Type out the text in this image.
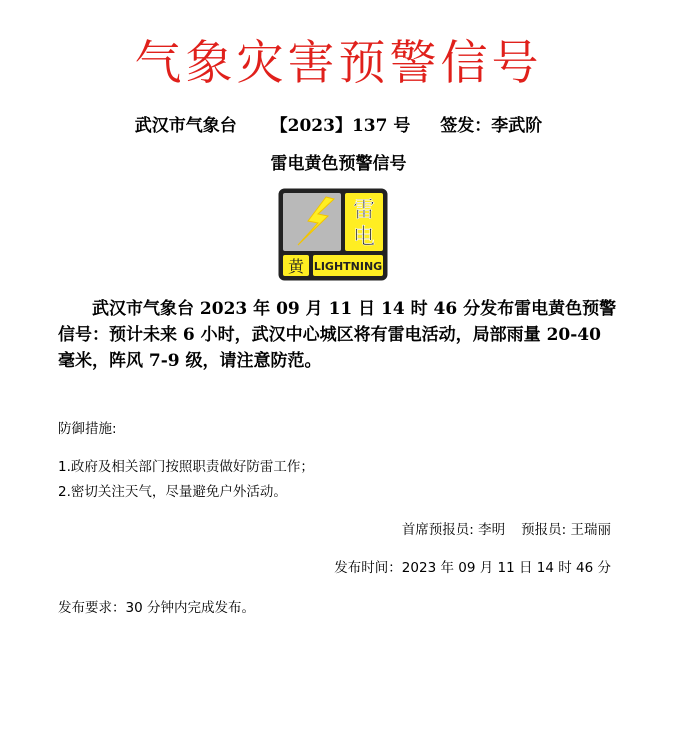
气象灾害预警信号
武汉市气象台 【2023】137 号 签发：李武阶
雷电黄色预警信号
雷
电
黄 LIGHTNING
武汉市气象台 2023 年 09 月 11 日 14 时 46 分发布雷电黄色预警信号：预计未来 6 小时，武汉中心城区将有雷电活动，局部雨量 20-40 毫米，阵风 7-9 级，请注意防范。
防御措施:
1.政府及相关部门按照职责做好防雷工作；
2.密切关注天气，尽量避免户外活动。
首席预报员: 李明 预报员: 王瑞丽
发布时间：2023 年 09 月 11 日 14 时 46 分
发布要求：30 分钟内完成发布。
